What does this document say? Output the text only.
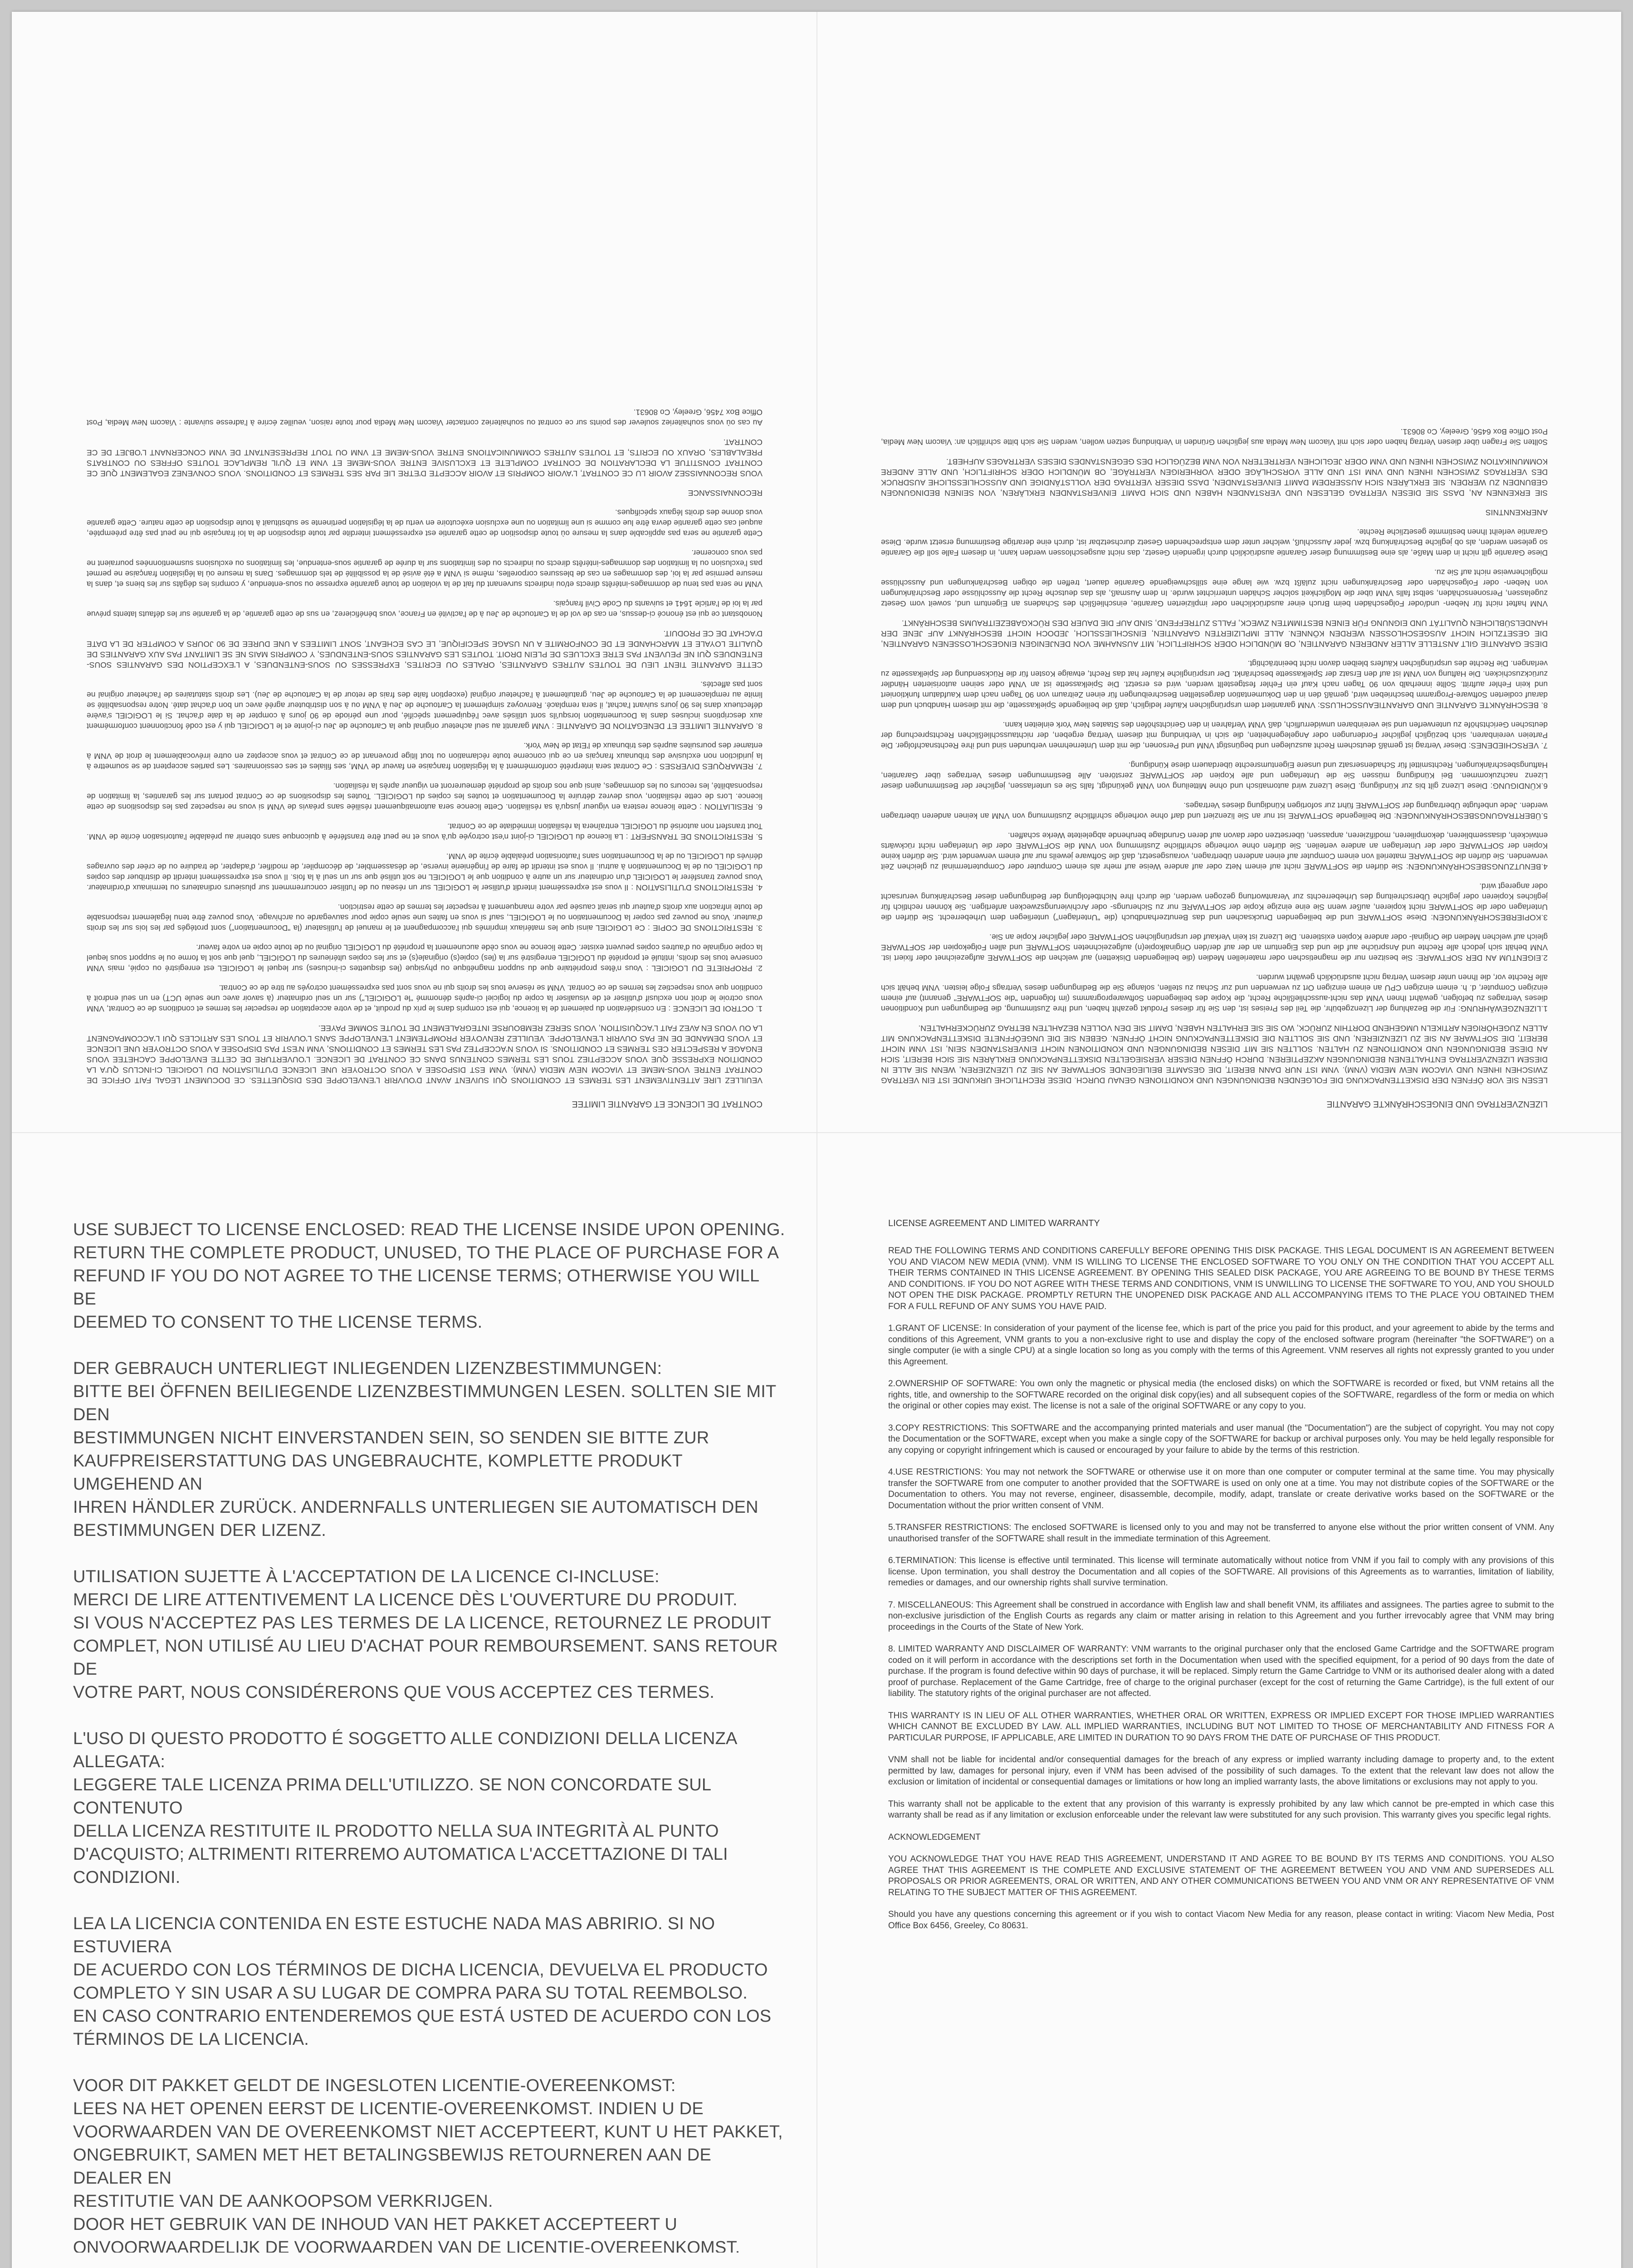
CONTRAT DE LICENCE ET GARANTIE LIMITEE
VEUILLEZ LIRE ATTENTIVEMENT LES TERMES ET CONDITIONS QUI SUIVENT AVANT D'OUVRIR L'ENVELOPPE DES DISQUETTES. CE DOCUMENT LEGAL FAIT OFFICE DE CONTRAT ENTRE VOUS-MEME ET VIACOM NEW MEDIA (VNM). VNM EST DISPOSEE A VOUS OCTROYER UNE LICENCE D'UTILISATION DU LOGICIEL CI-INCLUS QU'A LA CONDITION EXPRESSE QUE VOUS ACCEPTIEZ TOUS LES TERMES CONTENUS DANS CE CONTRAT DE LICENCE. L'OUVERTURE DE CETTE ENVELOPPE CACHETEE VOUS ENGAGE A RESPECTER CES TERMES ET CONDITIONS. SI VOUS N'ACCEPTEZ PAS LES TERMES ET CONDITIONS, VNM N'EST PAS DISPOSEE A VOUS OCTROYER UNE LICENCE ET VOUS DEMANDE DE NE PAS OUVRIR L'ENVELOPPE. VEUILLEZ RENVOYER PROMPTEMENT L'ENVELOPPE SANS L'OUVRIR ET TOUS LES ARTICLES QUI L'ACCOMPAGNENT LA OU VOUS EN AVEZ FAIT L'ACQUISITION, VOUS SEREZ REMBOURSE INTEGRALEMENT DE TOUTE SOMME PAYEE.
1. OCTROI DE LICENCE : En considération du paiement de la licence, qui est compris dans le prix du produit, et de votre acceptation de respecter les termes et conditions de ce Contrat, VNM vous octroie le droit non exclusif d'utiliser et de visualiser la copie du logiciel ci-après dénommé "le LOGICIEL") sur un seul ordinateur (à savoir avec une seule UCT) en un seul endroit à condition que vous respectiez les termes de ce Contrat. VNM se réserve tous les droits qui ne vous sont pas expressément octroyés au titre de ce Contrat.
2. PROPRIETE DU LOGICIEL : Vous n'êtes propriétaire que du support magnétique ou physique (les disquettes ci-incluses) sur lequel le LOGICIEL est enregistré ou copié, mais VNM conserve tous les droits, intitulé et propriété du LOGICIEL enregistré sur la (les) copie(s) originale(s) et sur les copies ultérieures du LOGICIEL, quel que soit la forme ou le support sous lequel la copie originale ou d'autres copies peuvent exister. Cette licence ne vous cède aucunement la propriété du LOGICIEL original ou de toute copie en votre faveur.
3. RESTRICTIONS DE COPIE : Ce LOGICIEL ainsi que les matériaux imprimés qui l'accompagnent et le manuel de l'utilisateur (la "Documentation") sont protégés par les lois sur les droits d'auteur. Vous ne pouvez pas copier la Documentation ou le LOGICIEL, sauf si vous en faites une seule copie pour sauvegarde ou archivage. Vous pouvez être tenu légalement responsable de toute infraction aux droits d'auteur qui serait causée par votre manquement à respecter les termes de cette restriction.
4. RESTRICTIONS D'UTILISATION : Il vous est expressément interdit d'utiliser le LOGICIEL sur un réseau ou de l'utiliser concurremment sur plusieurs ordinateurs ou terminaux d'ordinateur. Vous pouvez transférer le LOGICIEL d'un ordinateur sur un autre à condition que le LOGICIEL ne soit utilisé que sur un seul à la fois. Il vous est expressément interdit de distribuer des copies du LOGICIEL ou de la Documentation à autrui. Il vous est interdit de faire de l'ingénierie inverse, de désassembler, de décompiler, de modifier, d'adapter, de traduire ou de créer des ouvrages dérivés du LOGICIEL ou de la Documentation sans l'autorisation préalable écrite de VNM.
5. RESTRICTIONS DE TRANSFERT : La licence du LOGICIEL ci-joint n'est octroyée qu'à vous et ne peut être transférée à quiconque sans obtenir au préalable l'autorisation écrite de VNM. Tout transfert non autorisé du LOGICIEL entraînera la résiliation immédiate de ce Contrat.
6. RESILIATION : Cette licence restera en vigueur jusqu'à sa résiliation. Cette licence sera automatiquement résiliée sans préavis de VNM si vous ne respectez pas les dispositions de cette licence. Lors de cette résiliation, vous devrez détruire la Documentation et toutes les copies du LOGICIEL. Toutes les dispositions de ce Contrat portant sur les garanties, la limitation de responsabilité, les recours ou les dommages, ainsi que nos droits de propriété demeureront en vigueur après la résiliation.
7. REMARQUES DIVERSES : Ce Contrat sera interprété conformément à la législation française en faveur de VNM, ses filiales et ses cessionnaires. Les parties acceptent de se soumettre à la juridiction non exclusive des tribunaux français en ce qui concerne toute réclamation ou tout litige provenant de ce Contrat et vous acceptez en outre irrévocablement le droit de VNM à entamer des poursuites auprès des tribunaux de l'Etat de New York.
8. GARANTIE LIMITEE ET DENEGATION DE GARANTIE : VNM garantit au seul acheteur original que la Cartouche de Jeu ci-jointe et le LOGICIEL qui y est codé fonctionnent conformément aux descriptions incluses dans la Documentation lorsqu'ils sont utilisés avec l'équipement spécifié, pour une période de 90 jours à compter de la date d'achat. Si le LOGICIEL s'avère défectueux dans les 90 jours suivant l'achat, il sera remplacé. Renvoyez simplement la Cartouche de Jeu à VNM ou à son distributeur agréé avec un bon d'achat daté. Notre responsabilité se limite au remplacement de la Cartouche de Jeu, gratuitement à l'acheteur original (exception faite des frais de retour de la Cartouche de Jeu). Les droits statutaires de l'acheteur original ne sont pas affectés.
CETTE GARANTIE TIENT LIEU DE TOUTES AUTRES GARANTIES, ORALES OU ECRITES, EXPRESSES OU SOUS-ENTENDUES, A L'EXCEPTION DES GARANTIES SOUS-ENTENDUES QUI NE PEUVENT PAS ETRE EXCLUES DE PLEIN DROIT. TOUTES LES GARANTIES SOUS-ENTENDUES, Y COMPRIS MAIS NE SE LIMITANT PAS AUX GARANTIES DE QUALITE LOYALE ET MARCHANDE ET DE CONFORMITE A UN USAGE SPECIFIQUE, LE CAS ECHEANT, SONT LIMITEES A UNE DUREE DE 90 JOURS A COMPTER DE LA DATE D'ACHAT DE CE PRODUIT.
Nonobstant ce qui est énoncé ci-dessus, en cas de vol de la Cartouche de Jeu à de l'activité en France, vous bénéficierez, en sus de cette garantie, de la garantie sur les défauts latents prévue par la loi de l'article 1641 et suivants du Code Civil français.
VNM ne sera pas tenu de dommages-intérêts directs et/ou indirects survenant du fait de la violation de toute garantie expresse ou sous-entendue, y compris les dégâts sur les biens et, dans la mesure permise par la loi, des dommages en cas de blessures corporelles, même si VNM a été avisé de la possibilité de tels dommages. Dans la mesure où la législation française ne permet pas l'exclusion ou la limitation des dommages-intérêts directs ou indirects ou des limitations sur la durée de garantie sous-entendue, les limitations ou exclusions susmentionnées pourraient ne pas vous concerner.
Cette garantie ne sera pas applicable dans la mesure où toute disposition de cette garantie est expressément interdite par toute disposition de la loi française qui ne peut pas être préemptée, auquel cas cette garantie devra être lue comme si une limitation ou une exclusion exécutoire en vertu de la législation pertinente se substituait à toute disposition de cette nature. Cette garantie vous donne des droits légaux spécifiques.
RECONNAISSANCE
VOUS RECONNAISSEZ AVOIR LU CE CONTRAT, L'AVOIR COMPRIS ET AVOIR ACCEPTE D'ETRE LIE PAR SES TERMES ET CONDITIONS. VOUS CONVENEZ EGALEMENT QUE CE CONTRAT CONSTITUE LA DECLARATION DE CONTRAT COMPLETE ET EXCLUSIVE ENTRE VOUS-MEME ET VNM ET QU'IL REMPLACE TOUTES OFFRES OU CONTRATS PREALABLES, ORAUX OU ECRITS, ET TOUTES AUTRES COMMUNICATIONS ENTRE VOUS-MEME ET VNM OU TOUT REPRESENTANT DE VNM CONCERNANT L'OBJET DE CE CONTRAT.
Au cas où vous souhaiteriez soulever des points sur ce contrat ou souhaiteriez contacter Viacom New Media pour toute raison, veuillez écrire à l'adresse suivante : Viacom New Media, Post Office Box 7456, Greeley, Co 80631.
LIZENZVERTRAG UND EINGESCHRÄNKTE GARANTIE
LESEN SIE VOR ÖFFNEN DER DISKETTENPACKUNG DIE FOLGENDEN BEDINGUNGEN UND KONDITIONEN GENAU DURCH. DIESE RECHTLICHE URKUNDE IST EIN VERTRAG ZWISCHEN IHNEN UND VIACOM NEW MEDIA (VNM). VNM IST NUR DANN BEREIT, DIE GESAMTE BEILIEGENDE SOFTWARE AN SIE ZU LIZENZIEREN, WENN SIE ALLE IN DIESEM LIZENZVERTRAG ENTHALTENEN BEDINGUNGEN AKZEPTIEREN. DURCH ÖFFNEN DIESER VERSIEGELTEN DISKETTENPACKUNG ERKLÄREN SIE SICH BEREIT, SICH AN DIESE BEDINGUNGEN UND KONDITIONEN ZU HALTEN. SOLLTEN SIE MIT DIESEN BEDINGUNGEN UND KONDITIONEN NICHT EINVERSTANDEN SEIN, IST VNM NICHT BEREIT, DIE SOFTWARE AN SIE ZU LIZENZIEREN, UND SIE SOLLTEN DIE DISKETTENPACKUNG NICHT ÖFFNEN. GEBEN SIE DIE UNGEÖFFNETE DISKETTENPACKUNG MIT ALLEN ZUGEHÖRIGEN ARTIKELN UMGEHEND DORTHIN ZURÜCK, WO SIE SIE ERHALTEN HABEN, DAMIT SIE DEN VOLLEN BEZAHLTEN BETRAG ZURÜCKERHALTEN.
1.LIZENZGEWÄHRUNG: Für die Bezahlung der Lizenzgebühr, die Teil des Preises ist, den Sie für dieses Produkt gezahlt haben, und Ihre Zustimmung, die Bedingungen und Konditionen dieses Vertrages zu befolgen, gewährt Ihnen VNM das nicht-ausschließliche Recht, die Kopie des beiliegenden Softwareprogramms (im folgenden "die SOFTWARE" genannt) auf einem einzigen Computer, d. h. einem einzigen CPU an einem einzigen Ort zu verwenden und zur Schau zu stellen, solange Sie die Bedingungen dieses Vertrags Folge leisten. VNM behält sich alle Rechte vor, die Ihnen unter diesem Vertrag nicht ausdrücklich gewährt wurden.
2.EIGENTUM AN DER SOFTWARE: Sie besitzen nur die magnetischen oder materiellen Medien (die beiliegenden Disketten) auf welchen die SOFTWARE aufgezeichnet oder fixiert ist. VNM behält sich jedoch alle Rechte und Ansprüche auf die und das Eigentum an der auf der/den Originalkopie(n) aufgezeichneten SOFTWARE und allen Folgekopien der SOFTWARE gleich auf welchen Medien die Original- oder andere Kopien existieren. Die Lizenz ist kein Verkauf der ursprünglichen SOFTWARE oder jeglicher Kopie an Sie.
3.KOPIERBESCHRÄNKUNGEN: Diese SOFTWARE und die beiliegenden Drucksachen und das Benutzerhandbuch (die "Unterlagen") unterliegen dem Urheberrecht. Sie dürfen die Unterlagen oder die SOFTWARE nicht kopieren, außer wenn Sie eine einzige Kopie der SOFTWARE nur zu Sicherungs- oder Archivierungszwecken anfertigen. Sie können rechtlich für jegliches Kopieren oder jegliche Überschreitung des Urheberrechts zur Verantwortung gezogen werden, die durch Ihre Nichtbefolgung der Bedingungen dieser Beschränkung verursacht oder angeregt wird.
4.BENUTZUNGSBESCHRÄNKUNGEN: Sie dürfen die SOFTWARE nicht auf einem Netz oder auf andere Weise auf mehr als einem Computer oder Computerterminal zu gleichen Zeit verwenden. Sie dürfen die SOFTWARE materiell von einem Computer auf einen anderen übertragen, vorausgesetzt, daß die Software jeweils nur auf einem verwendet wird. Sie dürfen keine Kopien der SOFTWARE oder der Unterlagen an andere verteilen. Sie dürfen ohne vorherige schriftliche Zustimmung von VNM die SOFTWARE oder die Unterlagen nicht rückwärts entwickeln, disassemblieren, dekompilieren, modifizieren, anpassen, übersetzen oder davon auf deren Grundlage beruhende abgeleitete Werke schaffen.
5.ÜBERTRAGUNGSBESCHRÄNKUNGEN: Die beiliegende SOFTWARE ist nur an Sie lizenziert und darf ohne vorherige schriftliche Zustimmung von VNM an keinen anderen übertragen werden. Jede unbefugte Übertragung der SOFTWARE führt zur sofortigen Kündigung dieses Vertrages.
6.KÜNDIGUNG: Diese Lizenz gilt bis zur Kündigung. Diese Lizenz wird automatisch und ohne Mitteilung von VNM gekündigt, falls Sie es unterlassen, jeglicher der Bestimmungen dieser Lizenz nachzukommen. Bei Kündigung müssen Sie die Unterlagen und alle Kopien der SOFTWARE zerstören. Alle Bestimmungen dieses Vertrages über Garantien, Haftungsbeschränkungen, Rechtsmittel für Schadensersatz und unsere Eigentumsrechte überdauern diese Kündigung.
7. VERSCHIEDENES: Dieser Vertrag ist gemäß deutschem Recht auszulegen und begünstigt VNM und Personen, die mit dem Unternehmen verbunden sind und ihre Rechtsnachfolger. Die Parteien vereinbaren, sich bezüglich jeglicher Forderungen oder Angelegenheiten, die sich in Verbindung mit diesem Vertrag ergeben, der nichtausschließlichen Rechtsprechung der deutschen Gerichtshöfe zu unterwerfen und sie vereinbaren unwiderruflich, daß VNM Verfahren in den Gerichtshöfen des Staates New York einleiten kann.
8. BESCHRÄNKTE GARANTIE UND GARANTIEAUSSCHLUSS: VNM garantiert dem ursprünglichen Käufer lediglich, daß die beiliegende Spielkassette, die mit diesem Handbuch und dem darauf codierten Software-Programm beschrieben wird, gemäß den in den Dokumentation dargestellten Beschreibungen für einen Zeitraum von 90 Tagen nach dem Kaufdatum funktioniert und kein Fehler auftritt. Sollte innerhalb von 90 Tagen nach Kauf ein Fehler festgestellt werden, wird es ersetzt. Die Spielkassette ist an VNM oder seinen autorisierten Händler zurückzuschicken. Die Haftung von VNM ist auf den Ersatz der Spielkassette beschränkt. Der ursprüngliche Käufer hat das Recht, etwaige Kosten für die Rücksendung der Spielkassette zu verlangen. Die Rechte des ursprünglichen Käufers bleiben davon nicht beeinträchtigt.
DIESE GARANTIE GILT ANSTELLE ALLER ANDEREN GARANTIEN, OB MÜNDLICH ODER SCHRIFTLICH, MIT AUSNAHME VON DENJENIGEN EINGESCHLOSSENEN GARANTIEN, DIE GESETZLICH NICHT AUSGESCHLOSSEN WERDEN KÖNNEN. ALLE IMPLIZIERTEN GARANTIEN, EINSCHLIESSLICH, JEDOCH NICHT BESCHRÄNKT AUF JENE DER HANDELSÜBLICHEN QUALITÄT UND EIGNUNG FÜR EINEN BESTIMMTEN ZWECK, FALLS ZUTREFFEND, SIND AUF DIE DAUER DES RÜCKGABEZEITRAUMS BESCHRÄNKT.
VNM haftet nicht für Neben- und/oder Folgeschäden beim Bruch einer ausdrücklichen oder implizierten Garantie, einschließlich des Schadens an Eigentum und, soweit vom Gesetz zugelassen, Personenschäden, selbst falls VNM über die Möglichkeit solcher Schäden unterrichtet wurde. In dem Ausmaß, als das deutsche Recht die Ausschlüsse oder Beschränkungen von Neben- oder Folgeschäden oder Beschränkungen nicht zuläßt bzw. wie lange eine stillschweigende Garantie dauert, treffen die obigen Beschränkungen und Ausschlüsse möglicherweise nicht auf Sie zu.
Diese Garantie gilt nicht in dem Maße, als eine Bestimmung dieser Garantie ausdrücklich durch irgendein Gesetz, das nicht ausgeschlossen werden kann, in diesem Falle soll die Garantie so gelesen werden, als ob jegliche Beschränkung bzw. jeder Ausschluß, welcher unter dem entsprechenden Gesetz durchsetzbar ist, durch eine derartige Bestimmung ersetzt wurde. Diese Garantie verleiht Ihnen bestimmte gesetzliche Rechte.
ANERKENNTNIS
SIE ERKENNEN AN, DASS SIE DIESEN VERTRAG GELESEN UND VERSTANDEN HABEN UND SICH DAMIT EINVERSTANDEN ERKLÄREN, VON SEINEN BEDINGUNGEN GEBUNDEN ZU WERDEN. SIE ERKLÄREN SICH AUSSERDEM DAMIT EINVERSTANDEN, DASS DIESER VERTRAG DER VOLLSTÄNDIGE UND AUSSCHLIESSLICHE AUSDRUCK DES VERTRAGS ZWISCHEN IHNEN UND VNM IST UND ALLE VORSCHLÄGE ODER VORHERIGEN VERTRÄGE, OB MÜNDLICH ODER SCHRIFTLICH, UND ALLE ANDERE KOMMUNIKATION ZWISCHEN IHNEN UND VNM ODER JEGLICHEN VERTRETERN VON VNM BEZÜGLICH DES GEGENSTANDES DIESES VERTRAGES AUFHEBT.
Sollten Sie Fragen über diesen Vertrag haben oder sich mit Viacom New Media aus jeglichen Gründen in Verbindung setzen wollen, werden Sie sich bitte schriftlich an: Viacom New Media, Post Office Box 6456, Greeley, Co 80631.
USE SUBJECT TO LICENSE ENCLOSED: READ THE LICENSE INSIDE UPON OPENING.
RETURN THE COMPLETE PRODUCT, UNUSED, TO THE PLACE OF PURCHASE FOR A
REFUND IF YOU DO NOT AGREE TO THE LICENSE TERMS; OTHERWISE YOU WILL BE
DEEMED TO CONSENT TO THE LICENSE TERMS.
DER GEBRAUCH UNTERLIEGT INLIEGENDEN LIZENZBESTIMMUNGEN:
BITTE BEI ÖFFNEN BEILIEGENDE LIZENZBESTIMMUNGEN LESEN. SOLLTEN SIE MIT DEN
BESTIMMUNGEN NICHT EINVERSTANDEN SEIN, SO SENDEN SIE BITTE ZUR
KAUFPREISERSTATTUNG DAS UNGEBRAUCHTE, KOMPLETTE PRODUKT UMGEHEND AN
IHREN HÄNDLER ZURÜCK. ANDERNFALLS UNTERLIEGEN SIE AUTOMATISCH DEN
BESTIMMUNGEN DER LIZENZ.
UTILISATION SUJETTE À L'ACCEPTATION DE LA LICENCE CI-INCLUSE:
MERCI DE LIRE ATTENTIVEMENT LA LICENCE DÈS L'OUVERTURE DU PRODUIT.
SI VOUS N'ACCEPTEZ PAS LES TERMES DE LA LICENCE, RETOURNEZ LE PRODUIT
COMPLET, NON UTILISÉ AU LIEU D'ACHAT POUR REMBOURSEMENT. SANS RETOUR DE
VOTRE PART, NOUS CONSIDÉRERONS QUE VOUS ACCEPTEZ CES TERMES.
L'USO DI QUESTO PRODOTTO É SOGGETTO ALLE CONDIZIONI DELLA LICENZA ALLEGATA:
LEGGERE TALE LICENZA PRIMA DELL'UTILIZZO. SE NON CONCORDATE SUL CONTENUTO
DELLA LICENZA RESTITUITE IL PRODOTTO NELLA SUA INTEGRITÀ AL PUNTO
D'ACQUISTO; ALTRIMENTI RITERREMO AUTOMATICA L'ACCETTAZIONE DI TALI
CONDIZIONI.
LEA LA LICENCIA CONTENIDA EN ESTE ESTUCHE NADA MAS ABRIRIO. SI NO ESTUVIERA
DE ACUERDO CON LOS TÉRMINOS DE DICHA LICENCIA, DEVUELVA EL PRODUCTO
COMPLETO Y SIN USAR A SU LUGAR DE COMPRA PARA SU TOTAL REEMBOLSO.
EN CASO CONTRARIO ENTENDEREMOS QUE ESTÁ USTED DE ACUERDO CON LOS
TÉRMINOS DE LA LICENCIA.
VOOR DIT PAKKET GELDT DE INGESLOTEN LICENTIE-OVEREENKOMST:
LEES NA HET OPENEN EERST DE LICENTIE-OVEREENKOMST. INDIEN U DE
VOORWAARDEN VAN DE OVEREENKOMST NIET ACCEPTEERT, KUNT U HET PAKKET,
ONGEBRUIKT, SAMEN MET HET BETALINGSBEWIJS RETOURNEREN AAN DE DEALER EN
RESTITUTIE VAN DE AANKOOPSOM VERKRIJGEN.
DOOR HET GEBRUIK VAN DE INHOUD VAN HET PAKKET ACCEPTEERT U
ONVOORWAARDELIJK DE VOORWAARDEN VAN DE LICENTIE-OVEREENKOMST.
LICENSE AGREEMENT AND LIMITED WARRANTY
READ THE FOLLOWING TERMS AND CONDITIONS CAREFULLY BEFORE OPENING THIS DISK PACKAGE. THIS LEGAL DOCUMENT IS AN AGREEMENT BETWEEN YOU AND VIACOM NEW MEDIA (VNM). VNM IS WILLING TO LICENSE THE ENCLOSED SOFTWARE TO YOU ONLY ON THE CONDITION THAT YOU ACCEPT ALL THEIR TERMS CONTAINED IN THIS LICENSE AGREEMENT. BY OPENING THIS SEALED DISK PACKAGE, YOU ARE AGREEING TO BE BOUND BY THESE TERMS AND CONDITIONS. IF YOU DO NOT AGREE WITH THESE TERMS AND CONDITIONS, VNM IS UNWILLING TO LICENSE THE SOFTWARE TO YOU, AND YOU SHOULD NOT OPEN THE DISK PACKAGE. PROMPTLY RETURN THE UNOPENED DISK PACKAGE AND ALL ACCOMPANYING ITEMS TO THE PLACE YOU OBTAINED THEM FOR A FULL REFUND OF ANY SUMS YOU HAVE PAID.
1.GRANT OF LICENSE: In consideration of your payment of the license fee, which is part of the price you paid for this product, and your agreement to abide by the terms and conditions of this Agreement, VNM grants to you a non-exclusive right to use and display the copy of the enclosed software program (hereinafter "the SOFTWARE") on a single computer (ie with a single CPU) at a single location so long as you comply with the terms of this Agreement. VNM reserves all rights not expressly granted to you under this Agreement.
2.OWNERSHIP OF SOFTWARE: You own only the magnetic or physical media (the enclosed disks) on which the SOFTWARE is recorded or fixed, but VNM retains all the rights, title, and ownership to the SOFTWARE recorded on the original disk copy(ies) and all subsequent copies of the SOFTWARE, regardless of the form or media on which the original or other copies may exist. The license is not a sale of the original SOFTWARE or any copy to you.
3.COPY RESTRICTIONS: This SOFTWARE and the accompanying printed materials and user manual (the "Documentation") are the subject of copyright. You may not copy the Documentation or the SOFTWARE, except when you make a single copy of the SOFTWARE for backup or archival purposes only. You may be held legally responsible for any copying or copyright infringement which is caused or encouraged by your failure to abide by the terms of this restriction.
4.USE RESTRICTIONS: You may not network the SOFTWARE or otherwise use it on more than one computer or computer terminal at the same time. You may physically transfer the SOFTWARE from one computer to another provided that the SOFTWARE is used on only one at a time. You may not distribute copies of the SOFTWARE or the Documentation to others. You may not reverse, engineer, disassemble, decompile, modify, adapt, translate or create derivative works based on the SOFTWARE or the Documentation without the prior written consent of VNM.
5.TRANSFER RESTRICTIONS: The enclosed SOFTWARE is licensed only to you and may not be transferred to anyone else without the prior written consent of VNM. Any unauthorised transfer of the SOFTWARE shall result in the immediate termination of this Agreement.
6.TERMINATION: This license is effective until terminated. This license will terminate automatically without notice from VNM if you fail to comply with any provisions of this license. Upon termination, you shall destroy the Documentation and all copies of the SOFTWARE. All provisions of this Agreements as to warranties, limitation of liability, remedies or damages, and our ownership rights shall survive termination.
7. MISCELLANEOUS: This Agreement shall be construed in accordance with English law and shall benefit VNM, its affiliates and assignees. The parties agree to submit to the non-exclusive jurisdiction of the English Courts as regards any claim or matter arising in relation to this Agreement and you further irrevocably agree that VNM may bring proceedings in the Courts of the State of New York.
8. LIMITED WARRANTY AND DISCLAIMER OF WARRANTY: VNM warrants to the original purchaser only that the enclosed Game Cartridge and the SOFTWARE program coded on it will perform in accordance with the descriptions set forth in the Documentation when used with the specified equipment, for a period of 90 days from the date of purchase. If the program is found defective within 90 days of purchase, it will be replaced. Simply return the Game Cartridge to VNM or its authorised dealer along with a dated proof of purchase. Replacement of the Game Cartridge, free of charge to the original purchaser (except for the cost of returning the Game Cartridge), is the full extent of our liability. The statutory rights of the original purchaser are not affected.
THIS WARRANTY IS IN LIEU OF ALL OTHER WARRANTIES, WHETHER ORAL OR WRITTEN, EXPRESS OR IMPLIED EXCEPT FOR THOSE IMPLIED WARRANTIES WHICH CANNOT BE EXCLUDED BY LAW. ALL IMPLIED WARRANTIES, INCLUDING BUT NOT LIMITED TO THOSE OF MERCHANTABILITY AND FITNESS FOR A PARTICULAR PURPOSE, IF APPLICABLE, ARE LIMITED IN DURATION TO 90 DAYS FROM THE DATE OF PURCHASE OF THIS PRODUCT.
VNM shall not be liable for incidental and/or consequential damages for the breach of any express or implied warranty including damage to property and, to the extent permitted by law, damages for personal injury, even if VNM has been advised of the possibility of such damages. To the extent that the relevant law does not allow the exclusion or limitation of incidental or consequential damages or limitations or how long an implied warranty lasts, the above limitations or exclusions may not apply to you.
This warranty shall not be applicable to the extent that any provision of this warranty is expressly prohibited by any law which cannot be pre-empted in which case this warranty shall be read as if any limitation or exclusion enforceable under the relevant law were substituted for any such provision. This warranty gives you specific legal rights.
ACKNOWLEDGEMENT
YOU ACKNOWLEDGE THAT YOU HAVE READ THIS AGREEMENT, UNDERSTAND IT AND AGREE TO BE BOUND BY ITS TERMS AND CONDITIONS. YOU ALSO AGREE THAT THIS AGREEMENT IS THE COMPLETE AND EXCLUSIVE STATEMENT OF THE AGREEMENT BETWEEN YOU AND VNM AND SUPERSEDES ALL PROPOSALS OR PRIOR AGREEMENTS, ORAL OR WRITTEN, AND ANY OTHER COMMUNICATIONS BETWEEN YOU AND VNM OR ANY REPRESENTATIVE OF VNM RELATING TO THE SUBJECT MATTER OF THIS AGREEMENT.
Should you have any questions concerning this agreement or if you wish to contact Viacom New Media for any reason, please contact in writing: Viacom New Media, Post Office Box 6456, Greeley, Co 80631.
